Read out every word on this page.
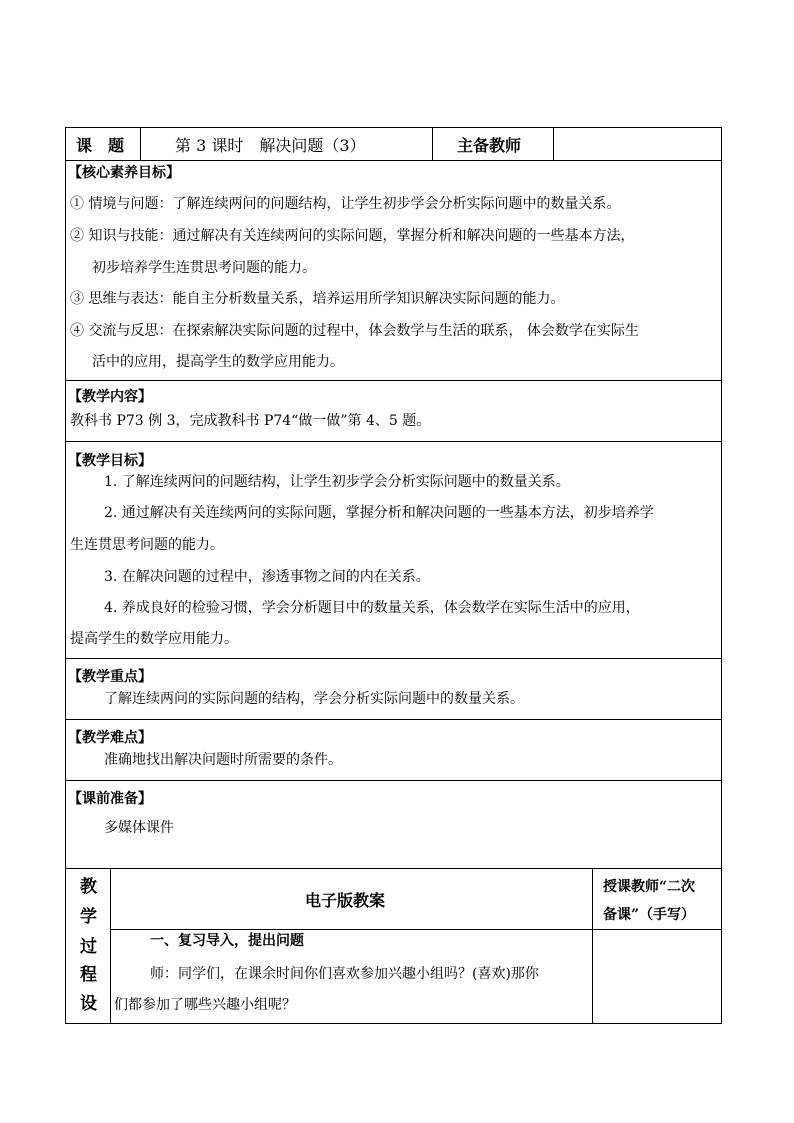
课　题	第 3 课时　解决问题（3）	主备教师
【核心素养目标】
① 情境与问题：了解连续两问的问题结构，让学生初步学会分析实际问题中的数量关系。
② 知识与技能：通过解决有关连续两问的实际问题，掌握分析和解决问题的一些基本方法，
初步培养学生连贯思考问题的能力。
③ 思维与表达：能自主分析数量关系，培养运用所学知识解决实际问题的能力。
④ 交流与反思：在探索解决实际问题的过程中，体会数学与生活的联系， 体会数学在实际生
活中的应用，提高学生的数学应用能力。
【教学内容】
教科书 P73 例 3，完成教科书 P74“做一做”第 4、5 题。
【教学目标】
1. 了解连续两问的问题结构，让学生初步学会分析实际问题中的数量关系。
2. 通过解决有关连续两问的实际问题，掌握分析和解决问题的一些基本方法，初步培养学
生连贯思考问题的能力。
3. 在解决问题的过程中，渗透事物之间的内在关系。
4. 养成良好的检验习惯，学会分析题目中的数量关系，体会数学在实际生活中的应用，
提高学生的数学应用能力。
【教学重点】
了解连续两问的实际问题的结构，学会分析实际问题中的数量关系。
【教学难点】
准确地找出解决问题时所需要的条件。
【课前准备】
多媒体课件
教
学
过
程
设
电子版教案
授课教师“二次
备课”（手写）
一、复习导入，提出问题
师：同学们，在课余时间你们喜欢参加兴趣小组吗？(喜欢)那你
们都参加了哪些兴趣小组呢？
